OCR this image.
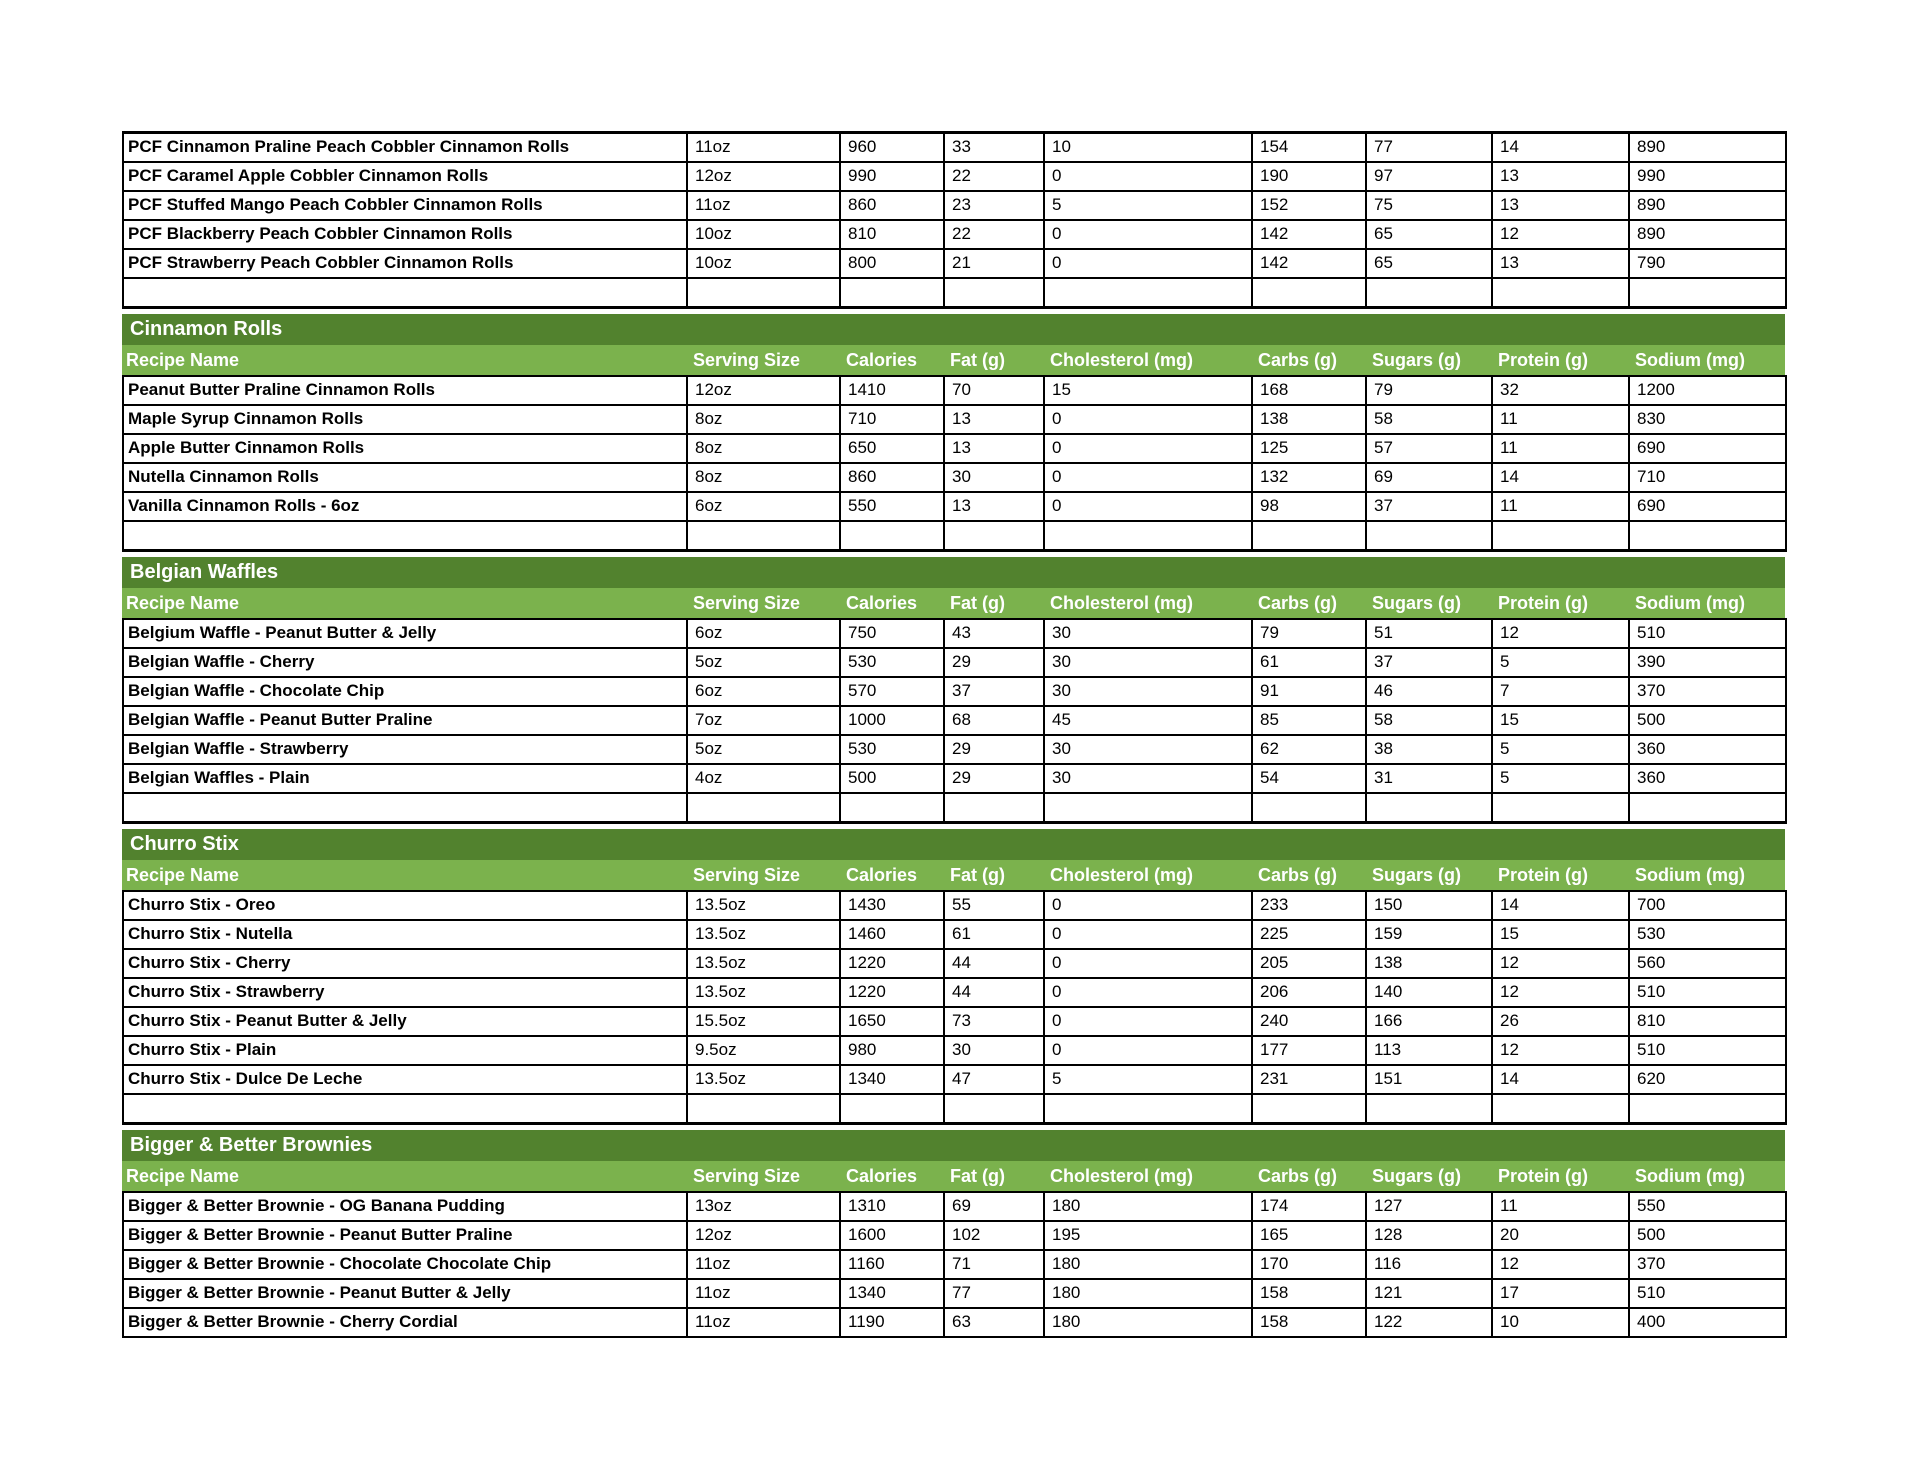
PCF Cinnamon Praline Peach Cobbler Cinnamon Rolls	11oz	960	33	10	154	77	14	890
PCF Caramel Apple Cobbler Cinnamon Rolls	12oz	990	22	0	190	97	13	990
PCF Stuffed Mango Peach Cobbler Cinnamon Rolls	11oz	860	23	5	152	75	13	890
PCF Blackberry Peach Cobbler Cinnamon Rolls	10oz	810	22	0	142	65	12	890
PCF Strawberry Peach Cobbler Cinnamon Rolls	10oz	800	21	0	142	65	13	790

Cinnamon Rolls
Recipe Name	Serving Size	Calories	Fat (g)	Cholesterol (mg)	Carbs (g)	Sugars (g)	Protein (g)	Sodium (mg)
Peanut Butter Praline Cinnamon Rolls	12oz	1410	70	15	168	79	32	1200
Maple Syrup Cinnamon Rolls	8oz	710	13	0	138	58	11	830
Apple Butter Cinnamon Rolls	8oz	650	13	0	125	57	11	690
Nutella Cinnamon Rolls	8oz	860	30	0	132	69	14	710
Vanilla Cinnamon Rolls - 6oz	6oz	550	13	0	98	37	11	690

Belgian Waffles
Recipe Name	Serving Size	Calories	Fat (g)	Cholesterol (mg)	Carbs (g)	Sugars (g)	Protein (g)	Sodium (mg)
Belgium Waffle - Peanut Butter & Jelly	6oz	750	43	30	79	51	12	510
Belgian Waffle - Cherry	5oz	530	29	30	61	37	5	390
Belgian Waffle - Chocolate Chip	6oz	570	37	30	91	46	7	370
Belgian Waffle - Peanut Butter Praline	7oz	1000	68	45	85	58	15	500
Belgian Waffle - Strawberry	5oz	530	29	30	62	38	5	360
Belgian Waffles - Plain	4oz	500	29	30	54	31	5	360

Churro Stix
Recipe Name	Serving Size	Calories	Fat (g)	Cholesterol (mg)	Carbs (g)	Sugars (g)	Protein (g)	Sodium (mg)
Churro Stix - Oreo	13.5oz	1430	55	0	233	150	14	700
Churro Stix - Nutella	13.5oz	1460	61	0	225	159	15	530
Churro Stix - Cherry	13.5oz	1220	44	0	205	138	12	560
Churro Stix - Strawberry	13.5oz	1220	44	0	206	140	12	510
Churro Stix - Peanut Butter & Jelly	15.5oz	1650	73	0	240	166	26	810
Churro Stix - Plain	9.5oz	980	30	0	177	113	12	510
Churro Stix - Dulce De Leche	13.5oz	1340	47	5	231	151	14	620

Bigger & Better Brownies
Recipe Name	Serving Size	Calories	Fat (g)	Cholesterol (mg)	Carbs (g)	Sugars (g)	Protein (g)	Sodium (mg)
Bigger & Better Brownie - OG Banana Pudding	13oz	1310	69	180	174	127	11	550
Bigger & Better Brownie - Peanut Butter Praline	12oz	1600	102	195	165	128	20	500
Bigger & Better Brownie - Chocolate Chocolate Chip	11oz	1160	71	180	170	116	12	370
Bigger & Better Brownie - Peanut Butter & Jelly	11oz	1340	77	180	158	121	17	510
Bigger & Better Brownie - Cherry Cordial	11oz	1190	63	180	158	122	10	400
